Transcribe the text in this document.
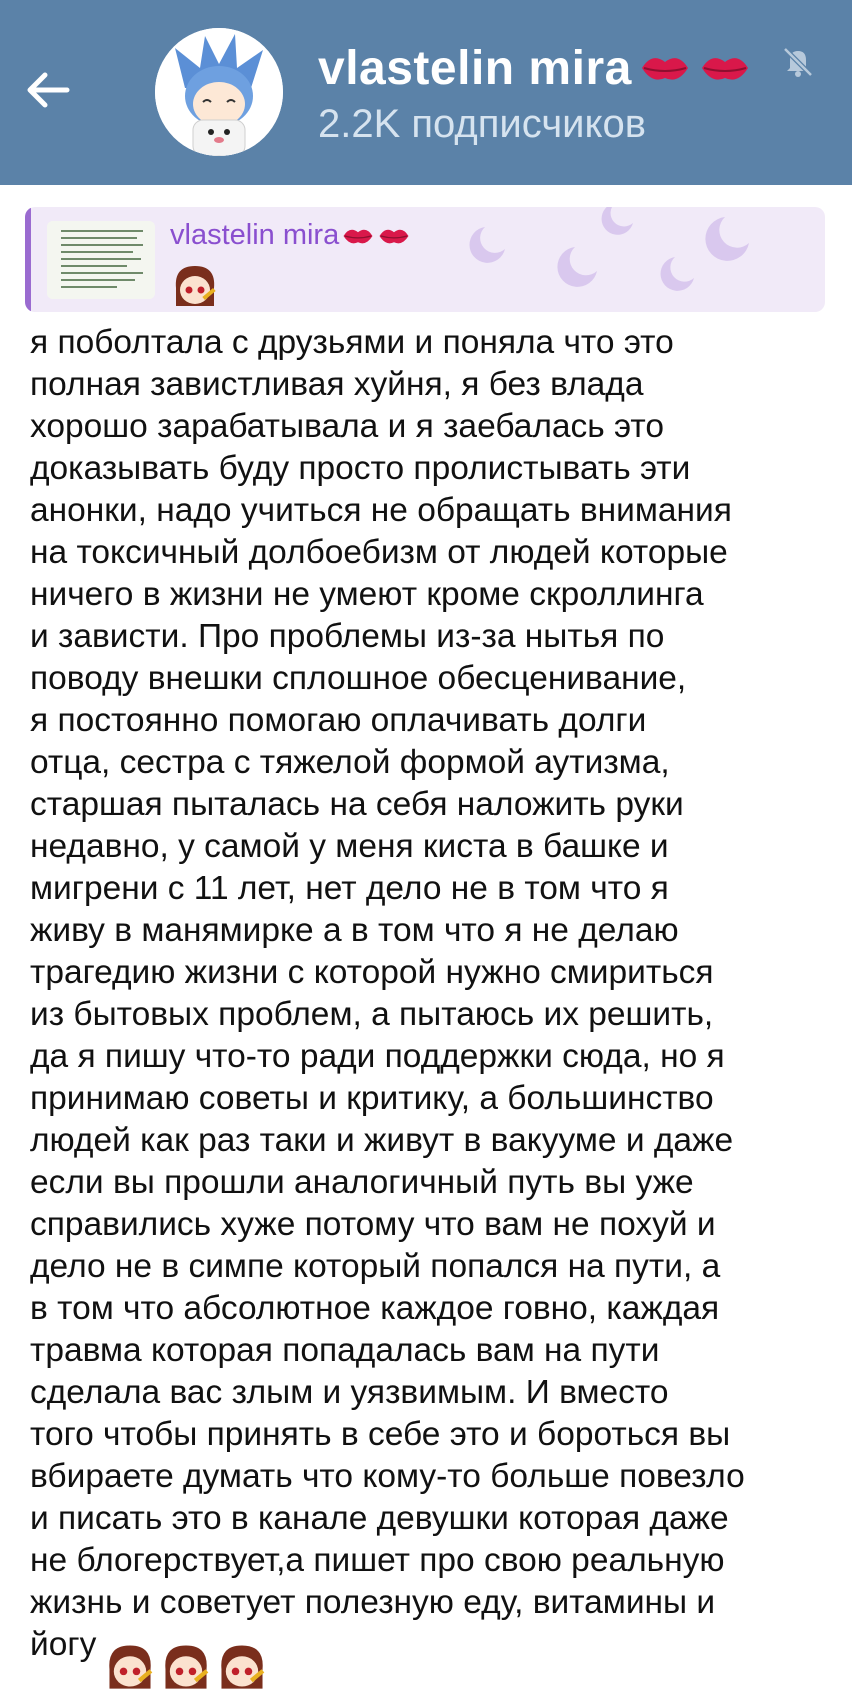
vlastelin mira
2.2K подписчиков
vlastelin mira
я поболтала с друзьями и поняла что это
полная завистливая хуйня, я без влада
хорошо зарабатывала и я заебалась это
доказывать буду просто пролистывать эти
анонки, надо учиться не обращать внимания
на токсичный долбоебизм от людей которые
ничего в жизни не умеют кроме скроллинга
и зависти. Про проблемы из-за нытья по
поводу внешки сплошное обесценивание,
я постоянно помогаю оплачивать долги
отца, сестра с тяжелой формой аутизма,
старшая пыталась на себя наложить руки
недавно, у самой у меня киста в башке и
мигрени с 11 лет, нет дело не в том что я
живу в манямирке а в том что я не делаю
трагедию жизни с которой нужно смириться
из бытовых проблем, а пытаюсь их решить,
да я пишу что-то ради поддержки сюда, но я
принимаю советы и критику, а большинство
людей как раз таки и живут в вакууме и даже
если вы прошли аналогичный путь вы уже
справились хуже потому что вам не похуй и
дело не в симпе который попался на пути, а
в том что абсолютное каждое говно, каждая
травма которая попадалась вам на пути
сделала вас злым и уязвимым. И вместо
того чтобы принять в себе это и бороться вы
вбираете думать что кому-то больше повезло
и писать это в канале девушки которая даже
не блогерствует,а пишет про свою реальную
жизнь и советует полезную еду, витамины и
йогу
